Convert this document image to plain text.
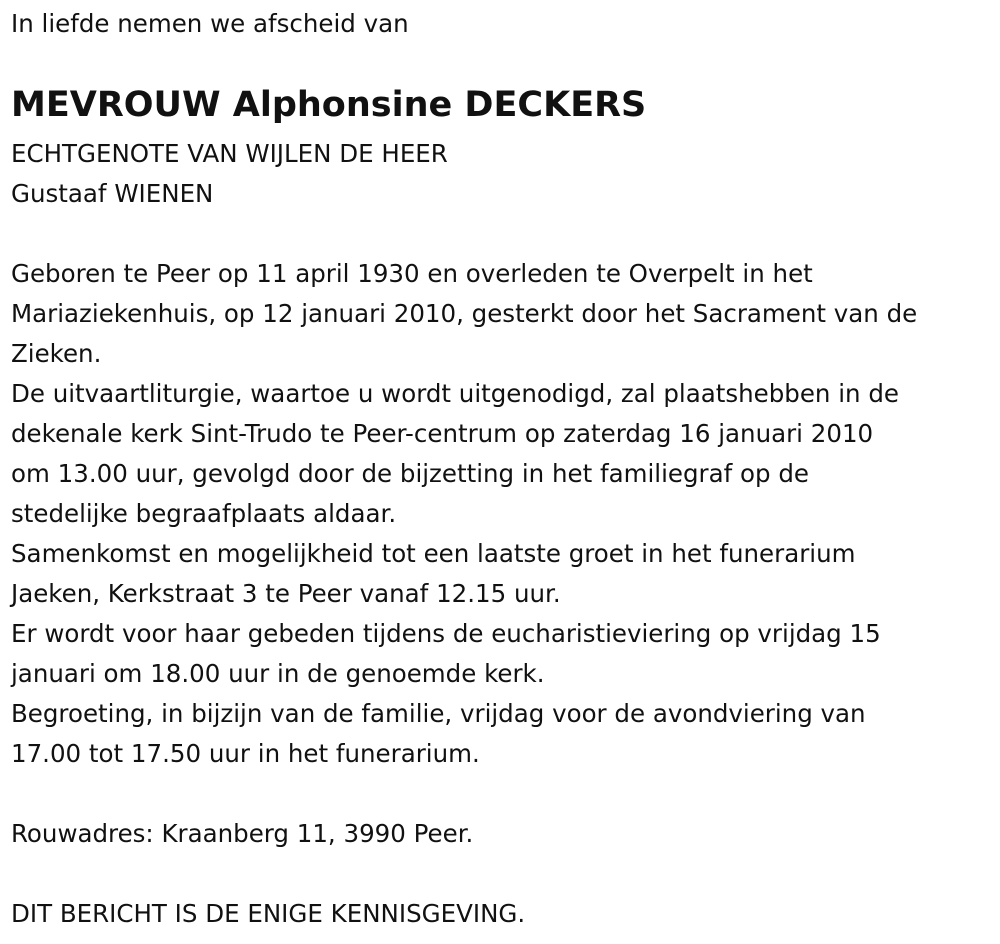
In liefde nemen we afscheid van
MEVROUW Alphonsine DECKERS
ECHTGENOTE VAN WIJLEN DE HEER
Gustaaf WIENEN
Geboren te Peer op 11 april 1930 en overleden te Overpelt in het
Mariaziekenhuis, op 12 januari 2010, gesterkt door het Sacrament van de
Zieken.
De uitvaartliturgie, waartoe u wordt uitgenodigd, zal plaatshebben in de
dekenale kerk Sint-Trudo te Peer-centrum op zaterdag 16 januari 2010
om 13.00 uur, gevolgd door de bijzetting in het familiegraf op de
stedelijke begraafplaats aldaar.
Samenkomst en mogelijkheid tot een laatste groet in het funerarium
Jaeken, Kerkstraat 3 te Peer vanaf 12.15 uur.
Er wordt voor haar gebeden tijdens de eucharistieviering op vrijdag 15
januari om 18.00 uur in de genoemde kerk.
Begroeting, in bijzijn van de familie, vrijdag voor de avondviering van
17.00 tot 17.50 uur in het funerarium.
Rouwadres: Kraanberg 11, 3990 Peer.
DIT BERICHT IS DE ENIGE KENNISGEVING.
